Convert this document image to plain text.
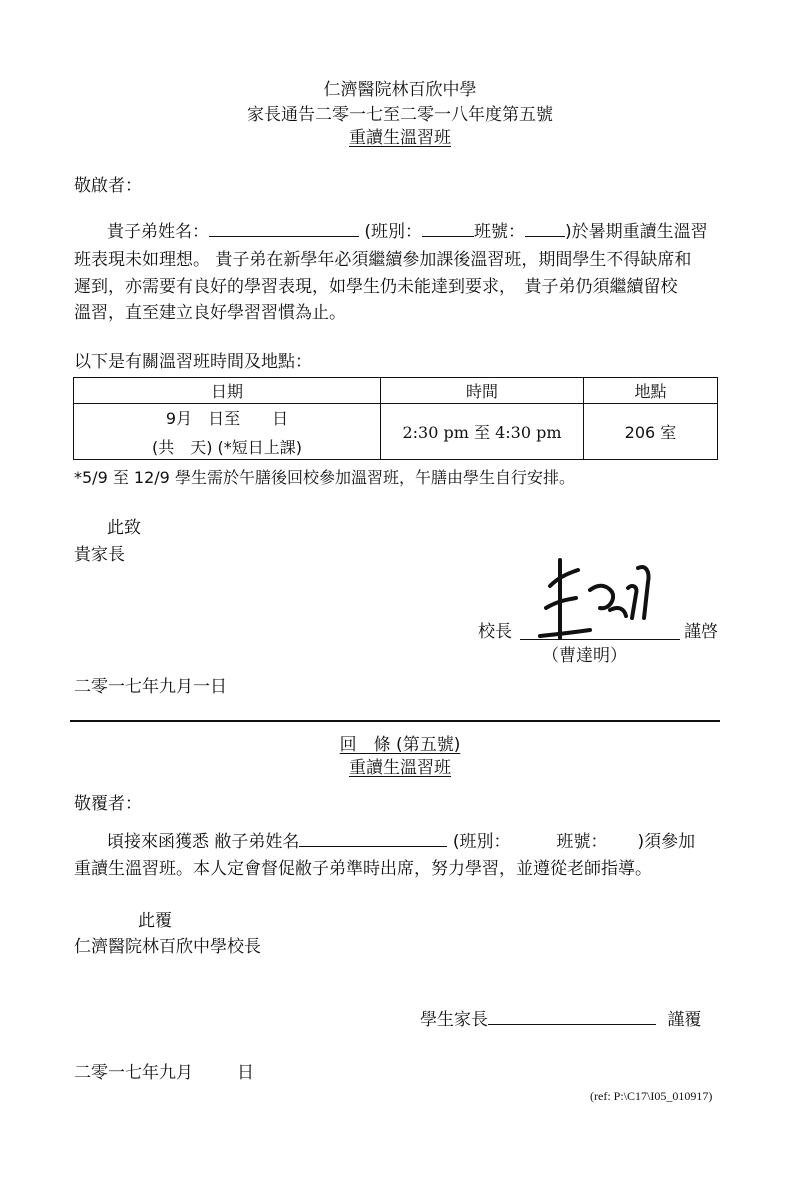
仁濟醫院林百欣中學
家長通告二零一七至二零一八年度第五號
重讀生溫習班
敬啟者：
貴子弟姓名：	(班別：	班號： )於暑期重讀生溫習
班表現未如理想。 貴子弟在新學年必須繼續參加課後溫習班，期間學生不得缺席和
遲到，亦需要有良好的學習表現，如學生仍未能達到要求，　貴子弟仍須繼續留校
溫習，直至建立良好學習習慣為止。
以下是有關溫習班時間及地點：
日期	時間	地點

9月　日至　　日
(共　天) (*短日上課)	2:30 pm 至 4:30 pm	206 室
*5/9 至 12/9 學生需於午膳後回校參加溫習班，午膳由學生自行安排。
此致
貴家長
校長	謹啓
（曹達明）
二零一七年九月一日
回　條 (第五號)
重讀生溫習班
敬覆者：
頃接來函獲悉 敝子弟姓名	(班別：	班號： )須參加
重讀生溫習班。本人定會督促敝子弟準時出席，努力學習，並遵從老師指導。
此覆
仁濟醫院林百欣中學校長
學生家長	謹覆
二零一七年九月	日
(ref: P:\C17\I05_010917)
